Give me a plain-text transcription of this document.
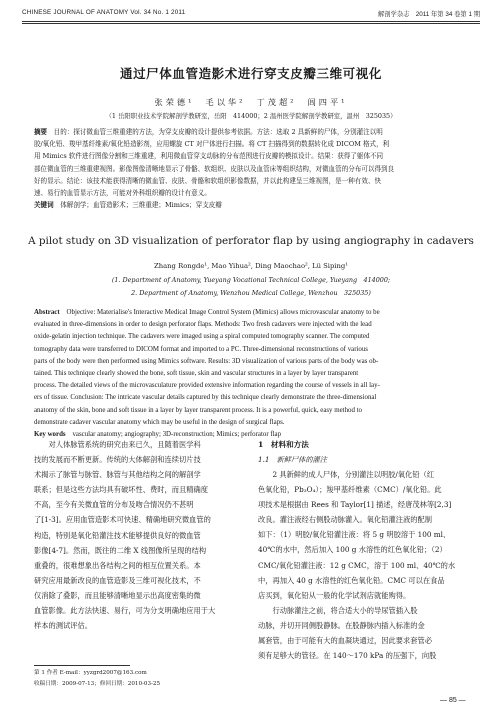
CHINESE JOURNAL OF ANATOMY Vol. 34 No. 1 2011	解剖学杂志　2011 年第 34 卷第 1 期
通过尸体血管造影术进行穿支皮瓣三维可视化
张荣德¹　毛以华²　丁茂超²　闾四平¹
（1 岳阳职业技术学院解剖学教研室，岳阳　414000；2 温州医学院解剖学教研室，温州　325035）
摘要　 目的：探讨微血管三维重建的方法，为穿支皮瓣的设计提供参考依据。方法：选取 2 具新鲜的尸体，分别灌注以明
胶/氧化铅、羧甲基纤维素/氧化铅造影剂，应用螺旋 CT 对尸体进行扫描。将 CT 扫描得到的数据转化成 DICOM 格式，利
用 Mimics 软件进行图像分割和三维重建，利用微血管穿支动脉的分布范围进行皮瓣的模拟设计。结果：获得了躯体不同
部位微血管的三维重建视图。影像图像清晰地显示了骨骼、软组织、皮肤以及血管床等组织结构，对微血管的分布可以得到良
好的显示。结论：该技术能获得清晰的微血管、皮肤、骨骼和软组织影像数据，并以此构建呈三维视图，是一种有效、快
速、易行的血管显示方法，可能对外科组织瓣的设计有意义。
关键词　 体解剖学；血管造影术；三维重建；Mimics；穿支皮瓣
A pilot study on 3D visualization of perforator flap by using angiography in cadavers
Zhang Rongde¹, Mao Yihua², Ding Maochao², Lü Siping¹
(1. Department of Anatomy, Yueyang Vocational Technical College, Yueyang　414000;
2. Department of Anatomy, Wenzhou Medical College, Wenzhou　325035)
Abstract　 Objective: Materialise's Interactive Medical Image Control System (Mimics) allows microvascular anatomy to be
evaluated in three-dimensions in order to design perforator flaps. Methods: Two fresh cadavers were injected with the lead
oxide-gelatin injection technique. The cadavers were imaged using a spiral computed tomography scanner. The computed
tomography data were transferred to DICOM format and imported to a PC. Three-dimensional reconstructions of various
parts of the body were then performed using Mimics software. Results: 3D visualization of various parts of the body was ob-
tained. This technique clearly showed the bone, soft tissue, skin and vascular structures in a layer by layer transparent
process. The detailed views of the microvasculature provided extensive information regarding the course of vessels in all lay-
ers of tissue. Conclusion: The intricate vascular details captured by this technique clearly demonstrate the three-dimensional
anatomy of the skin, bone and soft tissue in a layer by layer transparent process. It is a powerful, quick, easy method to
demonstrate cadaver vascular anatomy which may be useful in the design of surgical flaps.
Key words　 vascular anatomy; angiography; 3D-reconstruction; Mimics; perforator flap
　　对人体脉管系统的研究由来已久，且随着医学科
技的发展而不断更新。传统的大体解剖和连续切片技
术揭示了脉管与脉管、脉管与其他结构之间的解剖学
联系；但是这些方法均具有破坏性、费时，而且精确度
不高，至今有关微血管的分布及吻合情况仍不甚明
了[1-3]。应用血管造影术可快速、精确地研究微血管的
构造，特别是氧化铅灌注技术能够提供良好的微血管
影像[4-7]。然而，既往的二维 X 线图像所呈现的结构
重叠的，很难想象出各结构之间的相互位置关系。本
研究应用最新改良的血管造影及三维可视化技术，不
仅消除了叠影，而且能够清晰地显示出高度密集的微
血管影像。此方法快速、易行，可为分支明确地应用于大
样本的测试评估。
1　材料和方法
1.1　新鲜尸体的灌注
　　2 具新鲜的成人尸体，分别灌注以明胶/氧化铅（红
色氧化铅，Pb₃O₄）；羧甲基纤维素（CMC）/氧化铅。此
项技术是根据由 Rees 和 Taylor[1] 描述，经唐茂林等[2,3]
改良。灌注液经右侧股动脉灌入。氧化铅灌注液的配制
如下：（1）明胶/氧化铅灌注液：将 5 g 明胶溶于 100 ml、
40℃的水中，然后加入 100 g 水溶性的红色氧化铅；（2）
CMC/氧化铅灌注液：12 g CMC，溶于 100 ml、40℃的水
中，再加入 40 g 水溶性的红色氧化铅。CMC 可以在食品
店买到，氧化铅从一般的化学试剂店就能购得。
　　行动脉灌注之前，将合适大小的导尿管插入股
动脉，并切开同侧股静脉。在股静脉内插入标准的金
属套管，由于可能有大的血凝块通过，因此要求套管必
须有足够大的管径。在 140～170 kPa 的压强下，向股
第 1 作者 E-mail：yyzgrd2007@163.com
收稿日期：2009-07-13；修回日期：2010-03-25
— 85 —
